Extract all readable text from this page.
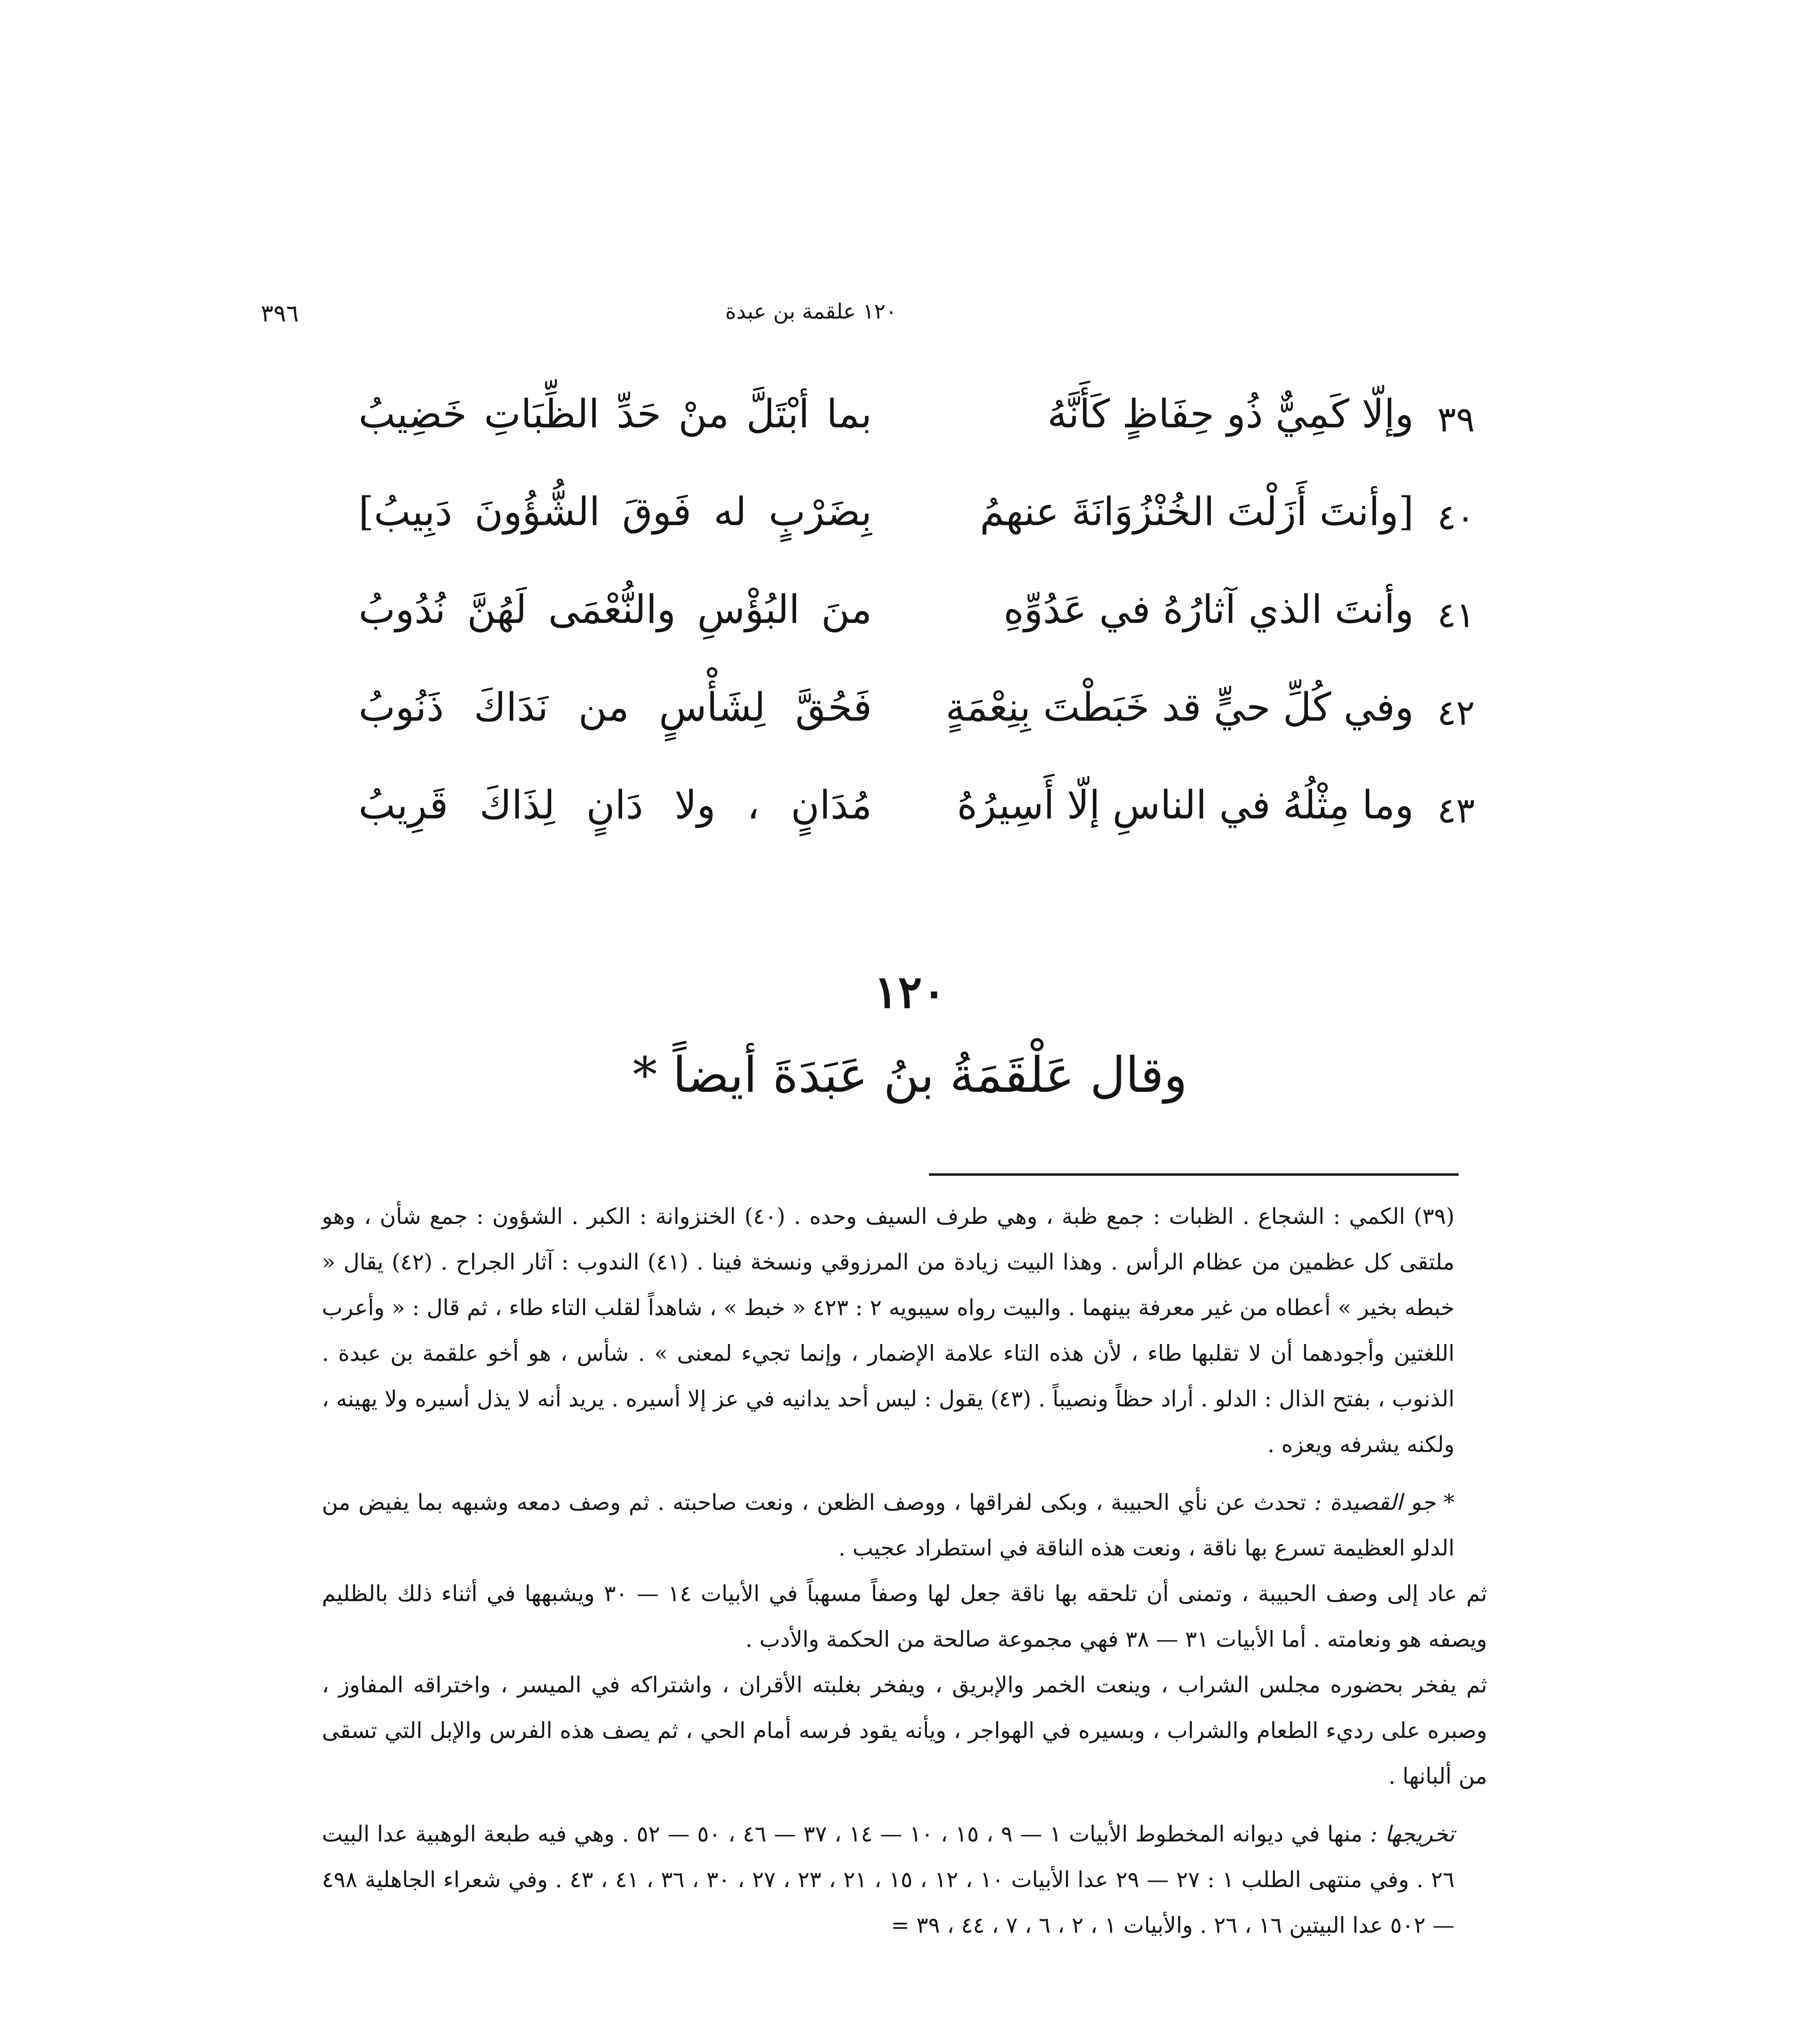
٣٩٦	١٢٠ علقمة بن عبدة
٣٩
وإلّا كَمِيٌّ ذُو حِفَاظٍ كَأَنَّهُ
بما أبْتَلَّ منْ حَدِّ الظِّبَاتِ خَضِيبُ
٤٠
[وأنتَ أَزَلْتَ الخُنْزُوَانَةَ عنهمُ
بِضَرْبٍ له فَوقَ الشُّؤُونَ دَبِيبُ]
٤١
وأنتَ الذي آثارُهُ في عَدُوِّهِ
منَ البُؤْسِ والنُّعْمَى لَهُنَّ نُدُوبُ
٤٢
وفي كُلِّ حيٍّ قد خَبَطْتَ بِنِعْمَةٍ
فَحُقَّ لِشَأْسٍ من نَدَاكَ ذَنُوبُ
٤٣
وما مِثْلُهُ في الناسِ إلّا أَسِيرُهُ
مُدَانٍ ، ولا دَانٍ لِذَاكَ قَرِيبُ
١٢٠
وقال عَلْقَمَةُ بنُ عَبَدَةَ أيضاً *

(٣٩) الكمي : الشجاع . الظبات : جمع ظبة ، وهي طرف السيف وحده . (٤٠) الخنزوانة : الكبر . الشؤون : جمع شأن ، وهو ملتقى كل عظمين من عظام الرأس . وهذا البيت زيادة من المرزوقي ونسخة فينا . (٤١) الندوب : آثار الجراح . (٤٢) يقال « خبطه بخير » أعطاه من غير معرفة بينهما . والبيت رواه سيبويه ٢ : ٤٢٣ « خبط » ، شاهداً لقلب التاء طاء ، ثم قال : « وأعرب اللغتين وأجودهما أن لا تقلبها طاء ، لأن هذه التاء علامة الإضمار ، وإنما تجيء لمعنى » . شأس ، هو أخو علقمة بن عبدة . الذنوب ، بفتح الذال : الدلو . أراد حظاً ونصيباً . (٤٣) يقول : ليس أحد يدانيه في عز إلا أسيره . يريد أنه لا يذل أسيره ولا يهينه ، ولكنه يشرفه ويعزه .

* جو القصيدة : تحدث عن نأي الحبيبة ، وبكى لفراقها ، ووصف الظعن ، ونعت صاحبته . ثم وصف دمعه وشبهه بما يفيض من الدلو العظيمة تسرع بها ناقة ، ونعت هذه الناقة في استطراد عجيب .

ثم عاد إلى وصف الحبيبة ، وتمنى أن تلحقه بها ناقة جعل لها وصفاً مسهباً في الأبيات ١٤ — ٣٠ ويشبهها في أثناء ذلك بالظليم ويصفه هو ونعامته . أما الأبيات ٣١ — ٣٨ فهي مجموعة صالحة من الحكمة والأدب .

ثم يفخر بحضوره مجلس الشراب ، وينعت الخمر والإبريق ، ويفخر بغلبته الأقران ، واشتراكه في الميسر ، واختراقه المفاوز ، وصبره على رديء الطعام والشراب ، وبسيره في الهواجر ، ويأنه يقود فرسه أمام الحي ، ثم يصف هذه الفرس والإبل التي تسقى من ألبانها .

تخريجها : منها في ديوانه المخطوط الأبيات ١ — ٩ ، ١٥ ، ١٠ — ١٤ ، ٣٧ — ٤٦ ، ٥٠ — ٥٢ . وهي فيه طبعة الوهبية عدا البيت ٢٦ . وفي منتهى الطلب ١ : ٢٧ — ٢٩ عدا الأبيات ١٠ ، ١٢ ، ١٥ ، ٢١ ، ٢٣ ، ٢٧ ، ٣٠ ، ٣٦ ، ٤١ ، ٤٣ . وفي شعراء الجاهلية ٤٩٨ — ٥٠٢ عدا البيتين ١٦ ، ٢٦ . والأبيات ١ ، ٢ ، ٦ ، ٧ ، ٤٤ ، ٣٩ =
